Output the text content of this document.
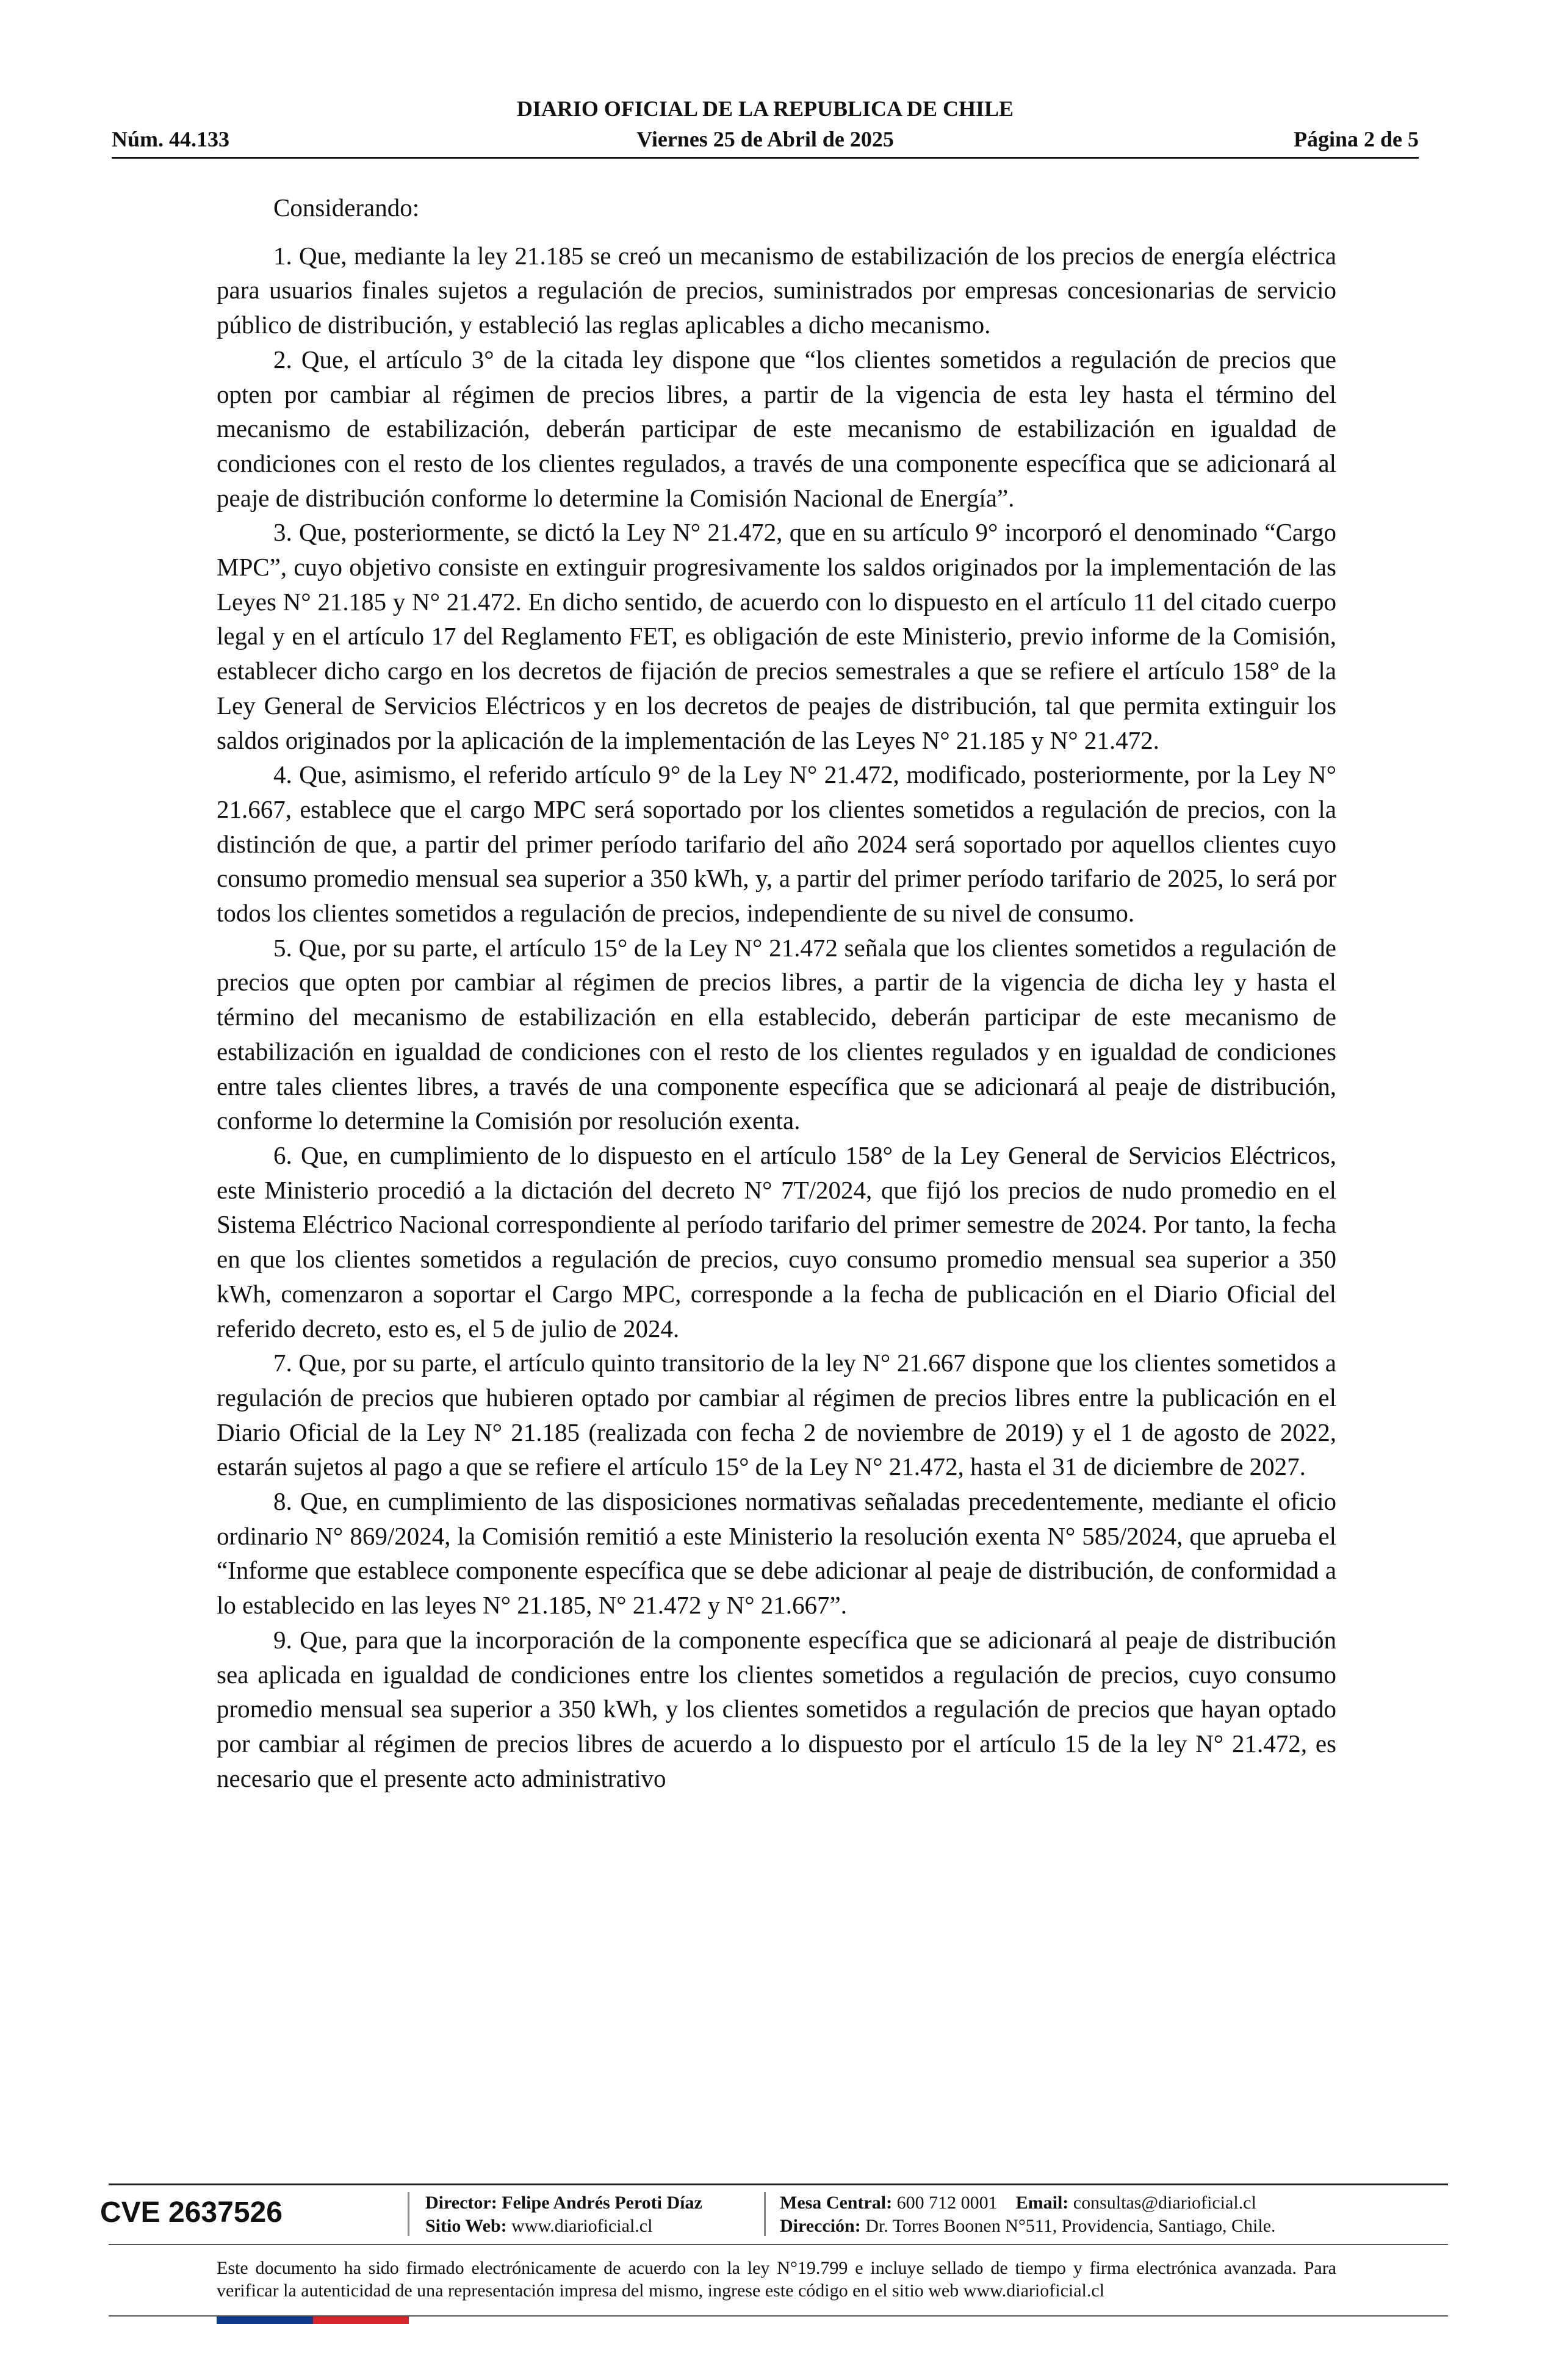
DIARIO OFICIAL DE LA REPUBLICA DE CHILE
Núm. 44.133	Viernes 25 de Abril de 2025	Página 2 de 5

Considerando:

1. Que, mediante la ley 21.185 se creó un mecanismo de estabilización de los precios de energía eléctrica para usuarios finales sujetos a regulación de precios, suministrados por empresas concesionarias de servicio público de distribución, y estableció las reglas aplicables a dicho mecanismo.

2. Que, el artículo 3° de la citada ley dispone que “los clientes sometidos a regulación de precios que opten por cambiar al régimen de precios libres, a partir de la vigencia de esta ley hasta el término del mecanismo de estabilización, deberán participar de este mecanismo de estabilización en igualdad de condiciones con el resto de los clientes regulados, a través de una componente específica que se adicionará al peaje de distribución conforme lo determine la Comisión Nacional de Energía”.

3. Que, posteriormente, se dictó la Ley N° 21.472, que en su artículo 9° incorporó el denominado “Cargo MPC”, cuyo objetivo consiste en extinguir progresivamente los saldos originados por la implementación de las Leyes N° 21.185 y N° 21.472. En dicho sentido, de acuerdo con lo dispuesto en el artículo 11 del citado cuerpo legal y en el artículo 17 del Reglamento FET, es obligación de este Ministerio, previo informe de la Comisión, establecer dicho cargo en los decretos de fijación de precios semestrales a que se refiere el artículo 158° de la Ley General de Servicios Eléctricos y en los decretos de peajes de distribución, tal que permita extinguir los saldos originados por la aplicación de la implementación de las Leyes N° 21.185 y N° 21.472.

4. Que, asimismo, el referido artículo 9° de la Ley N° 21.472, modificado, posteriormente, por la Ley N° 21.667, establece que el cargo MPC será soportado por los clientes sometidos a regulación de precios, con la distinción de que, a partir del primer período tarifario del año 2024 será soportado por aquellos clientes cuyo consumo promedio mensual sea superior a 350 kWh, y, a partir del primer período tarifario de 2025, lo será por todos los clientes sometidos a regulación de precios, independiente de su nivel de consumo.

5. Que, por su parte, el artículo 15° de la Ley N° 21.472 señala que los clientes sometidos a regulación de precios que opten por cambiar al régimen de precios libres, a partir de la vigencia de dicha ley y hasta el término del mecanismo de estabilización en ella establecido, deberán participar de este mecanismo de estabilización en igualdad de condiciones con el resto de los clientes regulados y en igualdad de condiciones entre tales clientes libres, a través de una componente específica que se adicionará al peaje de distribución, conforme lo determine la Comisión por resolución exenta.

6. Que, en cumplimiento de lo dispuesto en el artículo 158° de la Ley General de Servicios Eléctricos, este Ministerio procedió a la dictación del decreto N° 7T/2024, que fijó los precios de nudo promedio en el Sistema Eléctrico Nacional correspondiente al período tarifario del primer semestre de 2024. Por tanto, la fecha en que los clientes sometidos a regulación de precios, cuyo consumo promedio mensual sea superior a 350 kWh, comenzaron a soportar el Cargo MPC, corresponde a la fecha de publicación en el Diario Oficial del referido decreto, esto es, el 5 de julio de 2024.

7. Que, por su parte, el artículo quinto transitorio de la ley N° 21.667 dispone que los clientes sometidos a regulación de precios que hubieren optado por cambiar al régimen de precios libres entre la publicación en el Diario Oficial de la Ley N° 21.185 (realizada con fecha 2 de noviembre de 2019) y el 1 de agosto de 2022, estarán sujetos al pago a que se refiere el artículo 15° de la Ley N° 21.472, hasta el 31 de diciembre de 2027.

8. Que, en cumplimiento de las disposiciones normativas señaladas precedentemente, mediante el oficio ordinario N° 869/2024, la Comisión remitió a este Ministerio la resolución exenta N° 585/2024, que aprueba el “Informe que establece componente específica que se debe adicionar al peaje de distribución, de conformidad a lo establecido en las leyes N° 21.185, N° 21.472 y N° 21.667”.

9. Que, para que la incorporación de la componente específica que se adicionará al peaje de distribución sea aplicada en igualdad de condiciones entre los clientes sometidos a regulación de precios, cuyo consumo promedio mensual sea superior a 350 kWh, y los clientes sometidos a regulación de precios que hayan optado por cambiar al régimen de precios libres de acuerdo a lo dispuesto por el artículo 15 de la ley N° 21.472, es necesario que el presente acto administrativo

CVE 2637526	Director: Felipe Andrés Peroti Díaz
Sitio Web: www.diarioficial.cl
Mesa Central: 600 712 0001 Email: consultas@diarioficial.cl
Dirección: Dr. Torres Boonen N°511, Providencia, Santiago, Chile.
Este documento ha sido firmado electrónicamente de acuerdo con la ley N°19.799 e incluye sellado de tiempo y firma electrónica avanzada. Para verificar la autenticidad de una representación impresa del mismo, ingrese este código en el sitio web www.diarioficial.cl
